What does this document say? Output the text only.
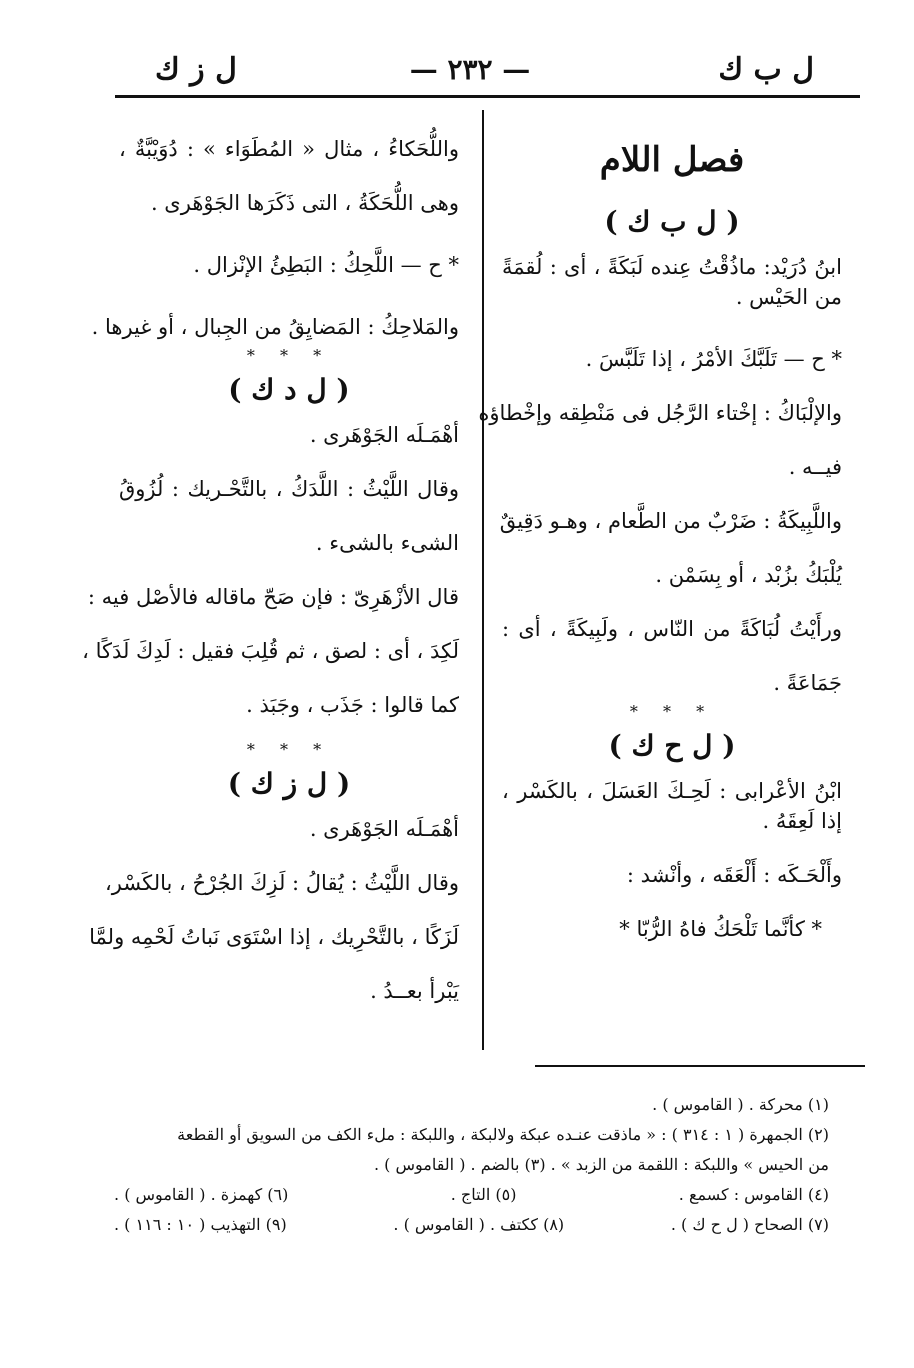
ل ب ك
— ٢٣٢ —
ل ز ك
فصل اللام
( ل ب ك )
ابنُ دُرَيْد: ماذُقْتُ عِنده لَبَكَةً ، أى : لُقمَةً
من الحَيْس .
* ح — تَلَبَّكَ الأمْرُ ، إذا تَلَبَّسَ .
والإلْبَاكُ : إخْتاء الرَّجُل فى مَنْطِقه وإخْطاؤه
فيــه .
واللَّبِيكَةُ : ضَرْبٌ من الطَّعام ، وهـو دَقِيقٌ
يُلْبَكُ بزُبْد ، أو بِسَمْن .
ورأَيْتُ لُبَاكَةً من النّاس ، ولَبِيكَةً ، أى :
جَمَاعَةً .
* * *
( ل ح ك )
ابْنُ الأعْرابى : لَحِـكَ العَسَلَ ، بالكَسْر ،
إذا لَعِقَهُ .
وأَلْحَـكَه : أَلْعَقَه ، وأنْشد :
* كأنَّما تَلْحَكُ فاهُ الرُّبّا *
واللُّحَكاءُ ، مثال « المُطَوَاء » : دُوَيْبَّةٌ ،
وهى اللُّحَكَةُ ، التى ذَكَرَها الجَوْهَرى .
* ح — اللَّحِكُ : البَطِئُ الإنْزال .
والمَلاحِكُ : المَضايِقُ من الجِبال ، أو غيرها .
* * *
( ل د ك )
أهْمَـلَه الجَوْهَرى .
وقال اللَّيْثُ : اللَّدَكُ ، بالتَّحْـريك : لُزُوقُ
الشىء بالشىء .
قال الأزْهَرِىّ : فإن صَحّ ماقاله فالأصْل فيه :
لَكِدَ ، أى : لصق ، ثم قُلِبَ فقيل : لَدِكَ لَدَكًا ،
كما قالوا : جَذَب ، وجَبَذ .
* * *
( ل ز ك )
أهْمَـلَه الجَوْهَرى .
وقال اللَّيْثُ : يُقالُ : لَزِكَ الجُرْحُ ، بالكَسْر،
لَزَكًا ، بالتَّحْرِيك ، إذا اسْتَوَى نَباتُ لَحْمِه ولمَّا
يَبْرأ بعــدُ .
(١) محركة . ( القاموس ) .
(٢) الجمهرة ( ١ : ٣١٤ ) : « ماذقت عنـده عبكة ولالبكة ، واللبكة : ملء الكف من السويق أو القطعة
من الحيس » واللبكة : اللقمة من الزبد » . (٣) بالضم . ( القاموس ) .
(٤) القاموس : كسمع .
(٥) التاج .
(٦) كهمزة . ( القاموس ) .
(٧) الصحاح ( ل ح ك ) .
(٨) ككتف . ( القاموس ) .
(٩) التهذيب ( ١٠ : ١١٦ ) .
